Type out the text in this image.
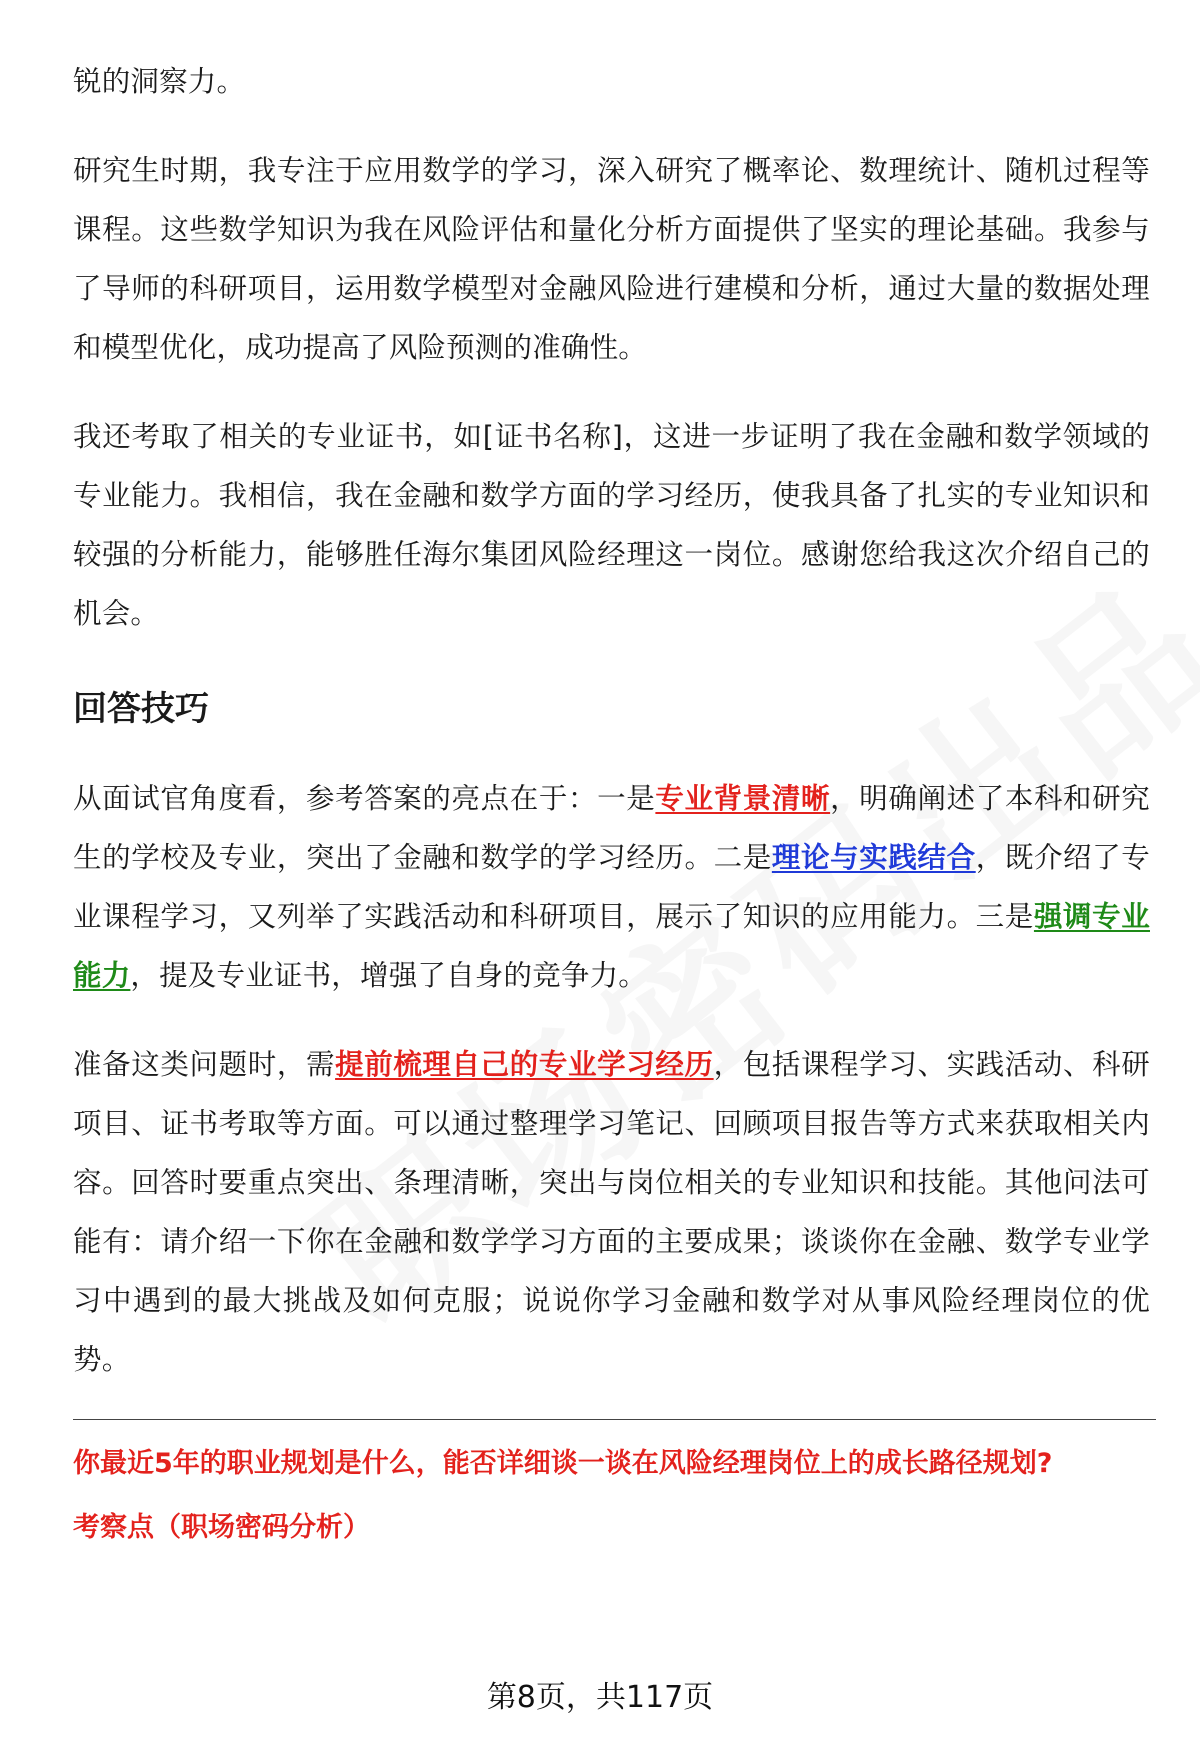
锐的洞察力。

研究生时期，我专注于应用数学的学习，深入研究了概率论、数理统计、随机过程等课程。这些数学知识为我在风险评估和量化分析方面提供了坚实的理论基础。我参与了导师的科研项目，运用数学模型对金融风险进行建模和分析，通过大量的数据处理和模型优化，成功提高了风险预测的准确性。

我还考取了相关的专业证书，如[证书名称]，这进一步证明了我在金融和数学领域的专业能力。我相信，我在金融和数学方面的学习经历，使我具备了扎实的专业知识和较强的分析能力，能够胜任海尔集团风险经理这一岗位。感谢您给我这次介绍自己的机会。

回答技巧

从面试官角度看，参考答案的亮点在于：一是专业背景清晰，明确阐述了本科和研究生的学校及专业，突出了金融和数学的学习经历。二是理论与实践结合，既介绍了专业课程学习，又列举了实践活动和科研项目，展示了知识的应用能力。三是强调专业能力，提及专业证书，增强了自身的竞争力。

准备这类问题时，需提前梳理自己的专业学习经历，包括课程学习、实践活动、科研项目、证书考取等方面。可以通过整理学习笔记、回顾项目报告等方式来获取相关内容。回答时要重点突出、条理清晰，突出与岗位相关的专业知识和技能。其他问法可能有：请介绍一下你在金融和数学学习方面的主要成果；谈谈你在金融、数学专业学习中遇到的最大挑战及如何克服；说说你学习金融和数学对从事风险经理岗位的优势。

你最近5年的职业规划是什么，能否详细谈一谈在风险经理岗位上的成长路径规划?

考察点（职场密码分析）

第8页，共117页
